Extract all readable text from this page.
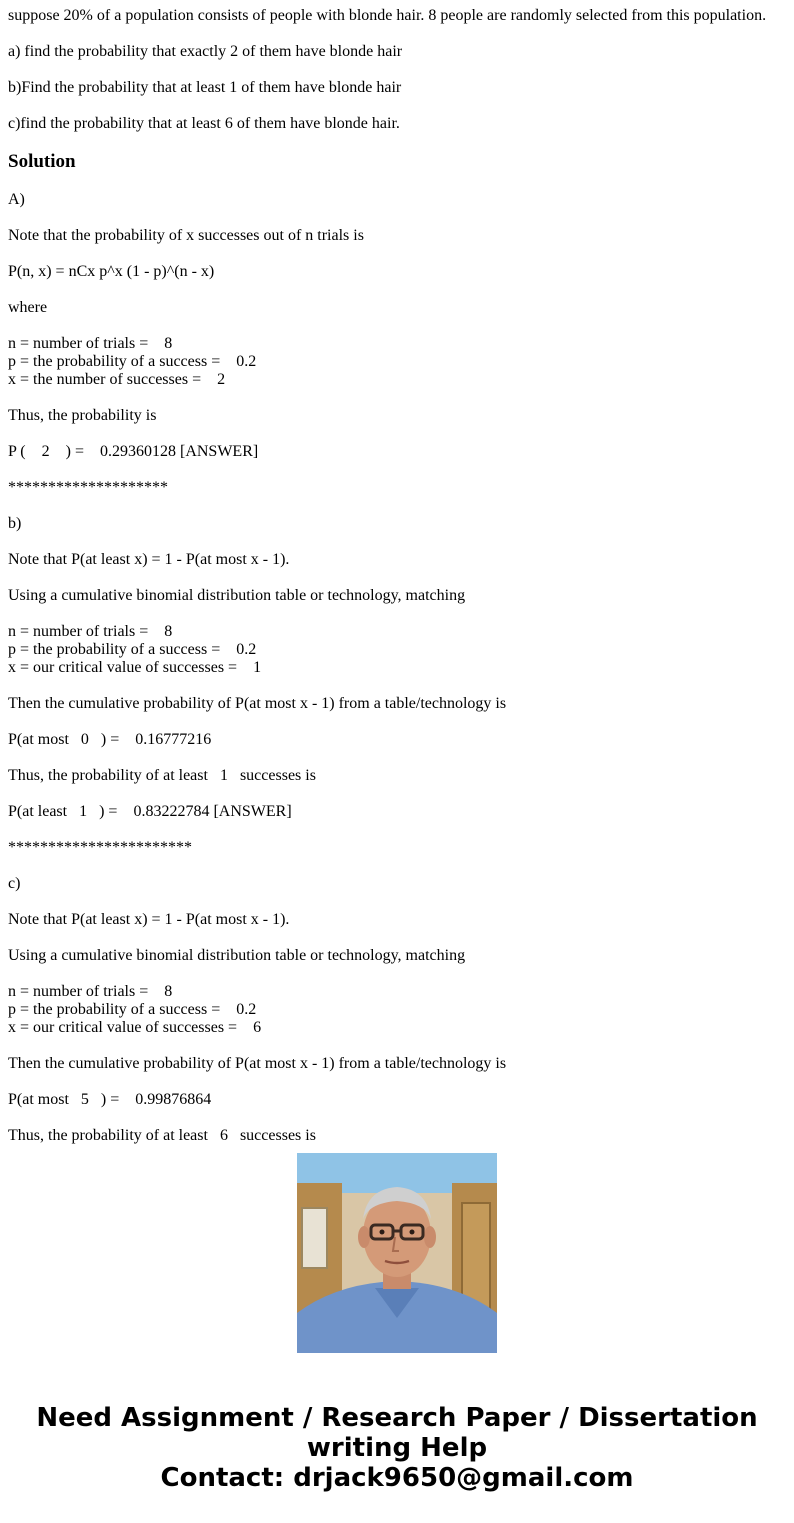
suppose 20% of a population consists of people with blonde hair. 8 people are randomly selected from this population.

a) find the probability that exactly 2 of them have blonde hair

b)Find the probability that at least 1 of them have blonde hair

c)find the probability that at least 6 of them have blonde hair.

Solution

A)

Note that the probability of x successes out of n trials is

P(n, x) = nCx p^x (1 - p)^(n - x)

where

n = number of trials =    8

p = the probability of a success =    0.2

x = the number of successes =    2

Thus, the probability is

P (    2    ) =    0.29360128 [ANSWER]

********************

b)

Note that P(at least x) = 1 - P(at most x - 1).

Using a cumulative binomial distribution table or technology, matching

n = number of trials =    8

p = the probability of a success =    0.2

x = our critical value of successes =    1

Then the cumulative probability of P(at most x - 1) from a table/technology is

P(at most   0   ) =    0.16777216

Thus, the probability of at least   1   successes is

P(at least   1   ) =    0.83222784 [ANSWER]

***********************

c)

Note that P(at least x) = 1 - P(at most x - 1).

Using a cumulative binomial distribution table or technology, matching

n = number of trials =    8

p = the probability of a success =    0.2

x = our critical value of successes =    6

Then the cumulative probability of P(at most x - 1) from a table/technology is

P(at most   5   ) =    0.99876864

Thus, the probability of at least   6   successes is

Need Assignment / Research Paper / Dissertation
writing Help
Contact: drjack9650@gmail.com
